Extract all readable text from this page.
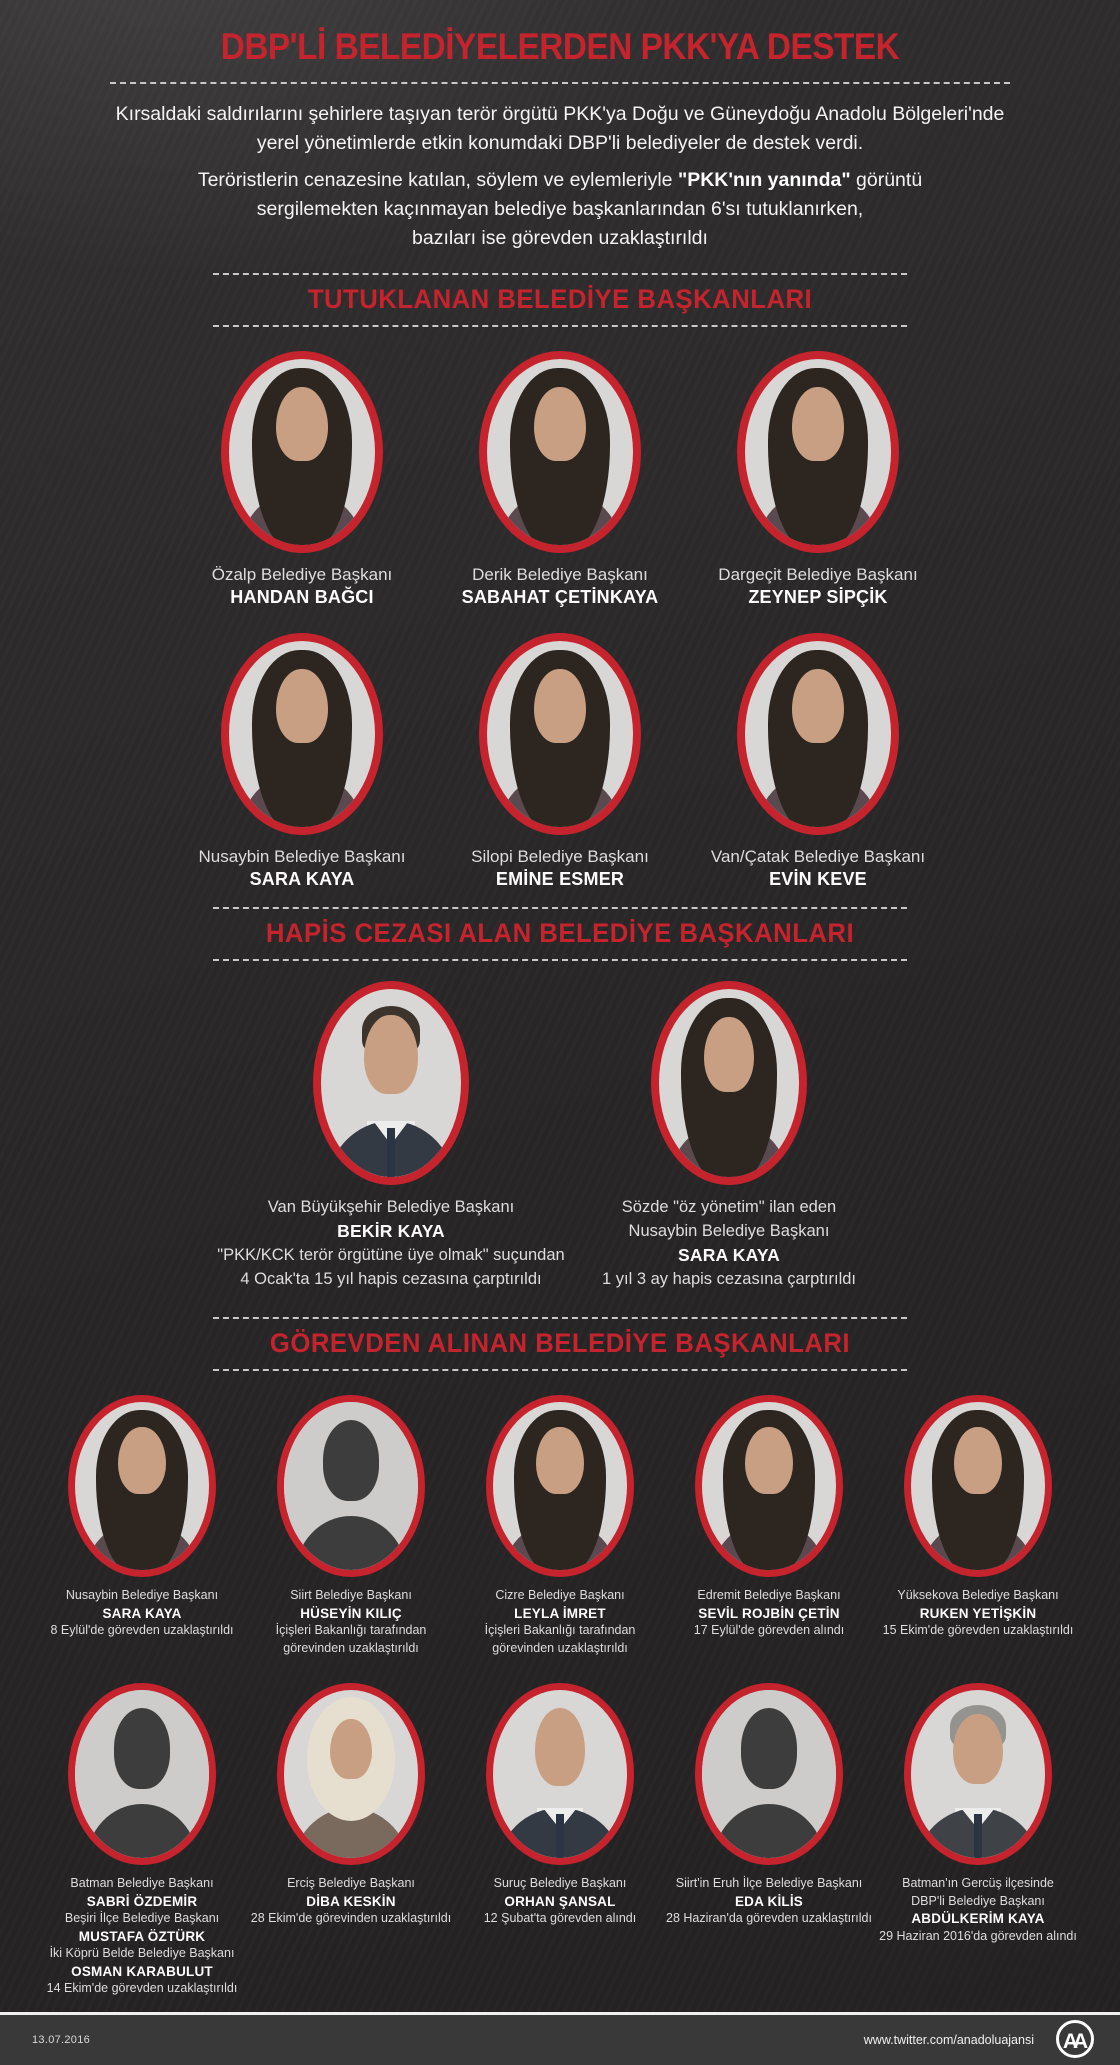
DBP'Lİ BELEDİYELERDEN PKK'YA DESTEK
Kırsaldaki saldırılarını şehirlere taşıyan terör örgütü PKK'ya Doğu ve Güneydoğu Anadolu Bölgeleri'nde
yerel yönetimlerde etkin konumdaki DBP'li belediyeler de destek verdi.
Teröristlerin cenazesine katılan, söylem ve eylemleriyle "PKK'nın yanında" görüntü
sergilemekten kaçınmayan belediye başkanlarından 6'sı tutuklanırken,
bazıları ise görevden uzaklaştırıldı
TUTUKLANAN BELEDİYE BAŞKANLARI
Özalp Belediye Başkanı
HANDAN BAĞCI
Derik Belediye Başkanı
SABAHAT ÇETİNKAYA
Dargeçit Belediye Başkanı
ZEYNEP SİPÇİK
Nusaybin Belediye Başkanı
SARA KAYA
Silopi Belediye Başkanı
EMİNE ESMER
Van/Çatak Belediye Başkanı
EVİN KEVE
HAPİS CEZASI ALAN BELEDİYE BAŞKANLARI
Van Büyükşehir Belediye Başkanı
BEKİR KAYA
"PKK/KCK terör örgütüne üye olmak" suçundan
4 Ocak'ta 15 yıl hapis cezasına çarptırıldı
Sözde "öz yönetim" ilan eden
Nusaybin Belediye Başkanı
SARA KAYA
1 yıl 3 ay hapis cezasına çarptırıldı
GÖREVDEN ALINAN BELEDİYE BAŞKANLARI
Nusaybin Belediye Başkanı
SARA KAYA
8 Eylül'de görevden uzaklaştırıldı
Siirt Belediye Başkanı
HÜSEYİN KILIÇ
İçişleri Bakanlığı tarafından
görevinden uzaklaştırıldı
Cizre Belediye Başkanı
LEYLA İMRET
İçişleri Bakanlığı tarafından
görevinden uzaklaştırıldı
Edremit Belediye Başkanı
SEVİL ROJBİN ÇETİN
17 Eylül'de görevden alındı
Yüksekova Belediye Başkanı
RUKEN YETİŞKİN
15 Ekim'de görevden uzaklaştırıldı
Batman Belediye Başkanı
SABRİ ÖZDEMİR
Beşiri İlçe Belediye Başkanı
MUSTAFA ÖZTÜRK
İki Köprü Belde Belediye Başkanı
OSMAN KARABULUT
14 Ekim'de görevden uzaklaştırıldı
Erciş Belediye Başkanı
DİBA KESKİN
28 Ekim'de görevinden uzaklaştırıldı
Suruç Belediye Başkanı
ORHAN ŞANSAL
12 Şubat'ta görevden alındı
Siirt'in Eruh İlçe Belediye Başkanı
EDA KİLİS
28 Haziran'da görevden uzaklaştırıldı
Batman'ın Gercüş ilçesinde
DBP'li Belediye Başkanı
ABDÜLKERİM KAYA
29 Haziran 2016'da görevden alındı
13.07.2016	www.twitter.com/anadoluajansi AA
